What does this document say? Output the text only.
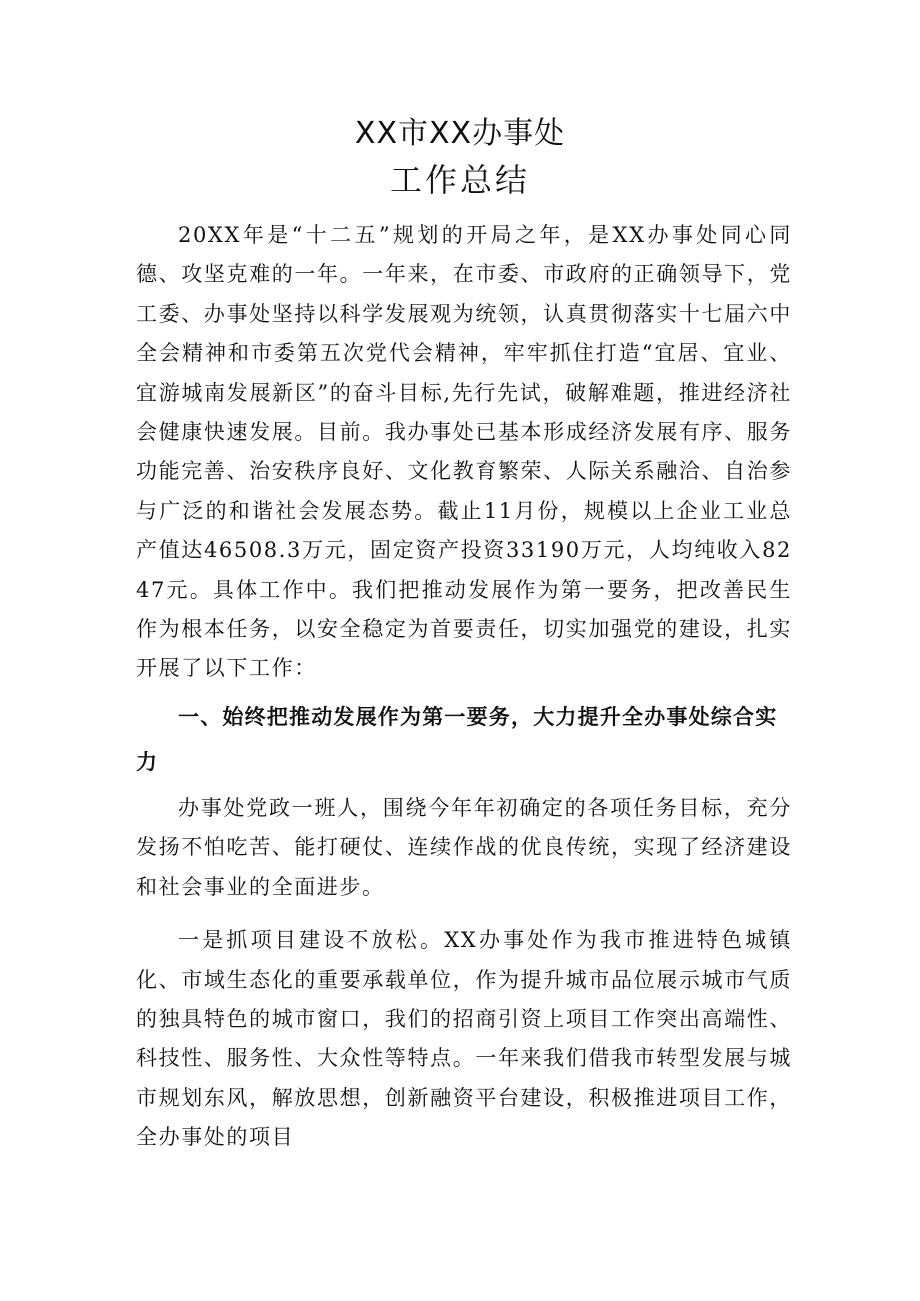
XX市XX办事处
工作总结

20XX年是“十二五”规划的开局之年，是XX办事处同心同德、攻坚克难的一年。一年来，在市委、市政府的正确领导下，党工委、办事处坚持以科学发展观为统领，认真贯彻落实十七届六中全会精神和市委第五次党代会精神，牢牢抓住打造“宜居、宜业、宜游城南发展新区”的奋斗目标,先行先试，破解难题，推进经济社会健康快速发展。目前。我办事处已基本形成经济发展有序、服务功能完善、治安秩序良好、文化教育繁荣、人际关系融洽、自治参与广泛的和谐社会发展态势。截止11月份，规模以上企业工业总产值达46508.3万元，固定资产投资33190万元，人均纯收入8247元。具体工作中。我们把推动发展作为第一要务，把改善民生作为根本任务，以安全稳定为首要责任，切实加强党的建设，扎实开展了以下工作：

一、始终把推动发展作为第一要务，大力提升全办事处综合实力

办事处党政一班人，围绕今年年初确定的各项任务目标，充分发扬不怕吃苦、能打硬仗、连续作战的优良传统，实现了经济建设和社会事业的全面进步。

一是抓项目建设不放松。XX办事处作为我市推进特色城镇化、市域生态化的重要承载单位，作为提升城市品位展示城市气质的独具特色的城市窗口，我们的招商引资上项目工作突出高端性、科技性、服务性、大众性等特点。一年来我们借我市转型发展与城市规划东风，解放思想，创新融资平台建设，积极推进项目工作，全办事处的项目
